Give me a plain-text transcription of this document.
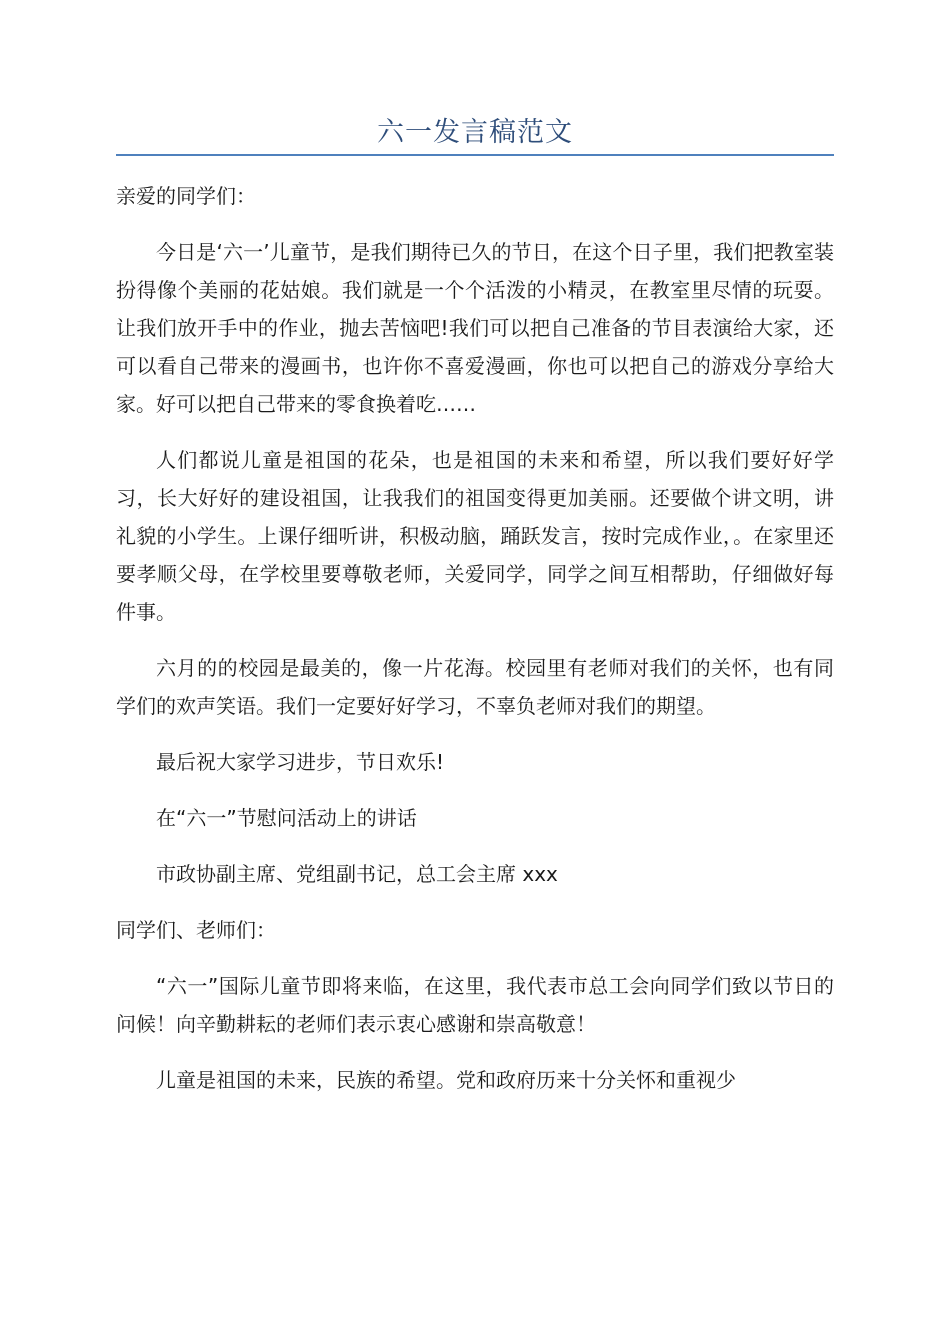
六一发言稿范文

亲爱的同学们：

今日是‘六一’儿童节，是我们期待已久的节日，在这个日子里，我们把教室装扮得像个美丽的花姑娘。我们就是一个个活泼的小精灵，在教室里尽情的玩耍。让我们放开手中的作业，抛去苦恼吧!我们可以把自己准备的节目表演给大家，还可以看自己带来的漫画书，也许你不喜爱漫画，你也可以把自己的游戏分享给大家。好可以把自己带来的零食换着吃……

人们都说儿童是祖国的花朵，也是祖国的未来和希望，所以我们要好好学习，长大好好的建设祖国，让我我们的祖国变得更加美丽。还要做个讲文明，讲礼貌的小学生。上课仔细听讲，积极动脑，踊跃发言，按时完成作业，。在家里还要孝顺父母，在学校里要尊敬老师，关爱同学，同学之间互相帮助，仔细做好每件事。

六月的的校园是最美的，像一片花海。校园里有老师对我们的关怀，也有同学们的欢声笑语。我们一定要好好学习，不辜负老师对我们的期望。

最后祝大家学习进步，节日欢乐!

在“六一”节慰问活动上的讲话

市政协副主席、党组副书记，总工会主席 xxx

同学们、老师们：

“六一”国际儿童节即将来临，在这里，我代表市总工会向同学们致以节日的问候！向辛勤耕耘的老师们表示衷心感谢和崇高敬意！

儿童是祖国的未来，民族的希望。党和政府历来十分关怀和重视少
